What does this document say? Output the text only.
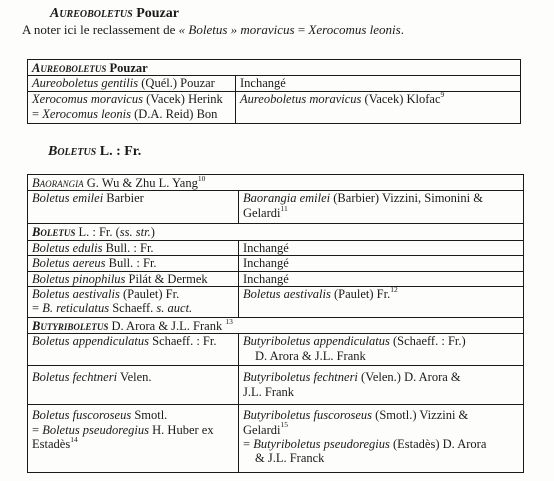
Aureoboletus Pouzar
A noter ici le reclassement de « Boletus » moravicus = Xerocomus leonis.
Aureoboletus Pouzar	
Aureoboletus gentilis (Quél.) Pouzar	Inchangé

Xerocomus moravicus (Vacek) Herink
= Xerocomus leonis (D.A. Reid) Bon	Aureoboletus moravicus (Vacek) Klofac$^9$
Boletus L. : Fr.
Baorangia G. Wu & Zhu L. Yang$^{10}$
Boletus emilei Barbier	Baorangia emilei (Barbier) Vizzini, Simonini &
Gelardi$^{11}$

Boletus L. : Fr. (ss. str.)	
Boletus edulis Bull. : Fr.	Inchangé
Boletus aereus Bull. : Fr.	Inchangé
Boletus pinophilus Pilát & Dermek	Inchangé

Boletus aestivalis (Paulet) Fr.
= B. reticulatus Schaeff. s. auct.	Boletus aestivalis (Paulet) Fr.$^{12}$
Butyriboletus D. Arora & J.L. Frank $^{13}$
Boletus appendiculatus Schaeff. : Fr.	Butyriboletus appendiculatus (Schaeff. : Fr.)
D. Arora & J.L. Frank

Boletus fechtneri Velen.	Butyriboletus fechtneri (Velen.) D. Arora &
J.L. Frank

Boletus fuscoroseus Smotl.
= Boletus pseudoregius H. Huber ex
Estadès$^{14}$	Butyriboletus fuscoroseus (Smotl.) Vizzini &
Gelardi$^{15}$
= Butyriboletus pseudoregius (Estadès) D. Arora
& J.L. Franck
